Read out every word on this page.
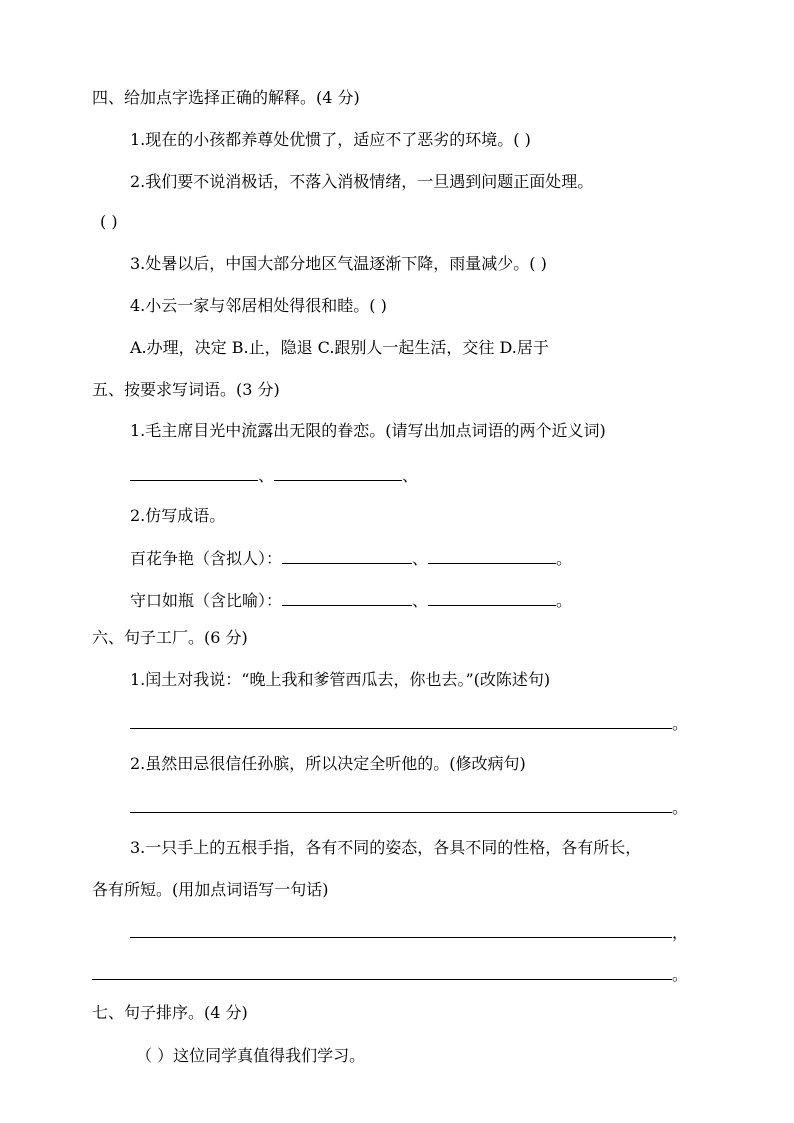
四、给加点字选择正确的解释。(4 分)
1.现在的小孩都养尊处优惯了，适应不了恶劣的环境。( )
2.我们要不说消极话，不落入消极情绪，一旦遇到问题正面处理。
( )
3.处暑以后，中国大部分地区气温逐渐下降，雨量减少。( )
4.小云一家与邻居相处得很和睦。( )
A.办理，决定 B.止，隐退 C.跟别人一起生活，交往 D.居于
五、按要求写词语。(3 分)
1.毛主席目光中流露出无限的眷恋。(请写出加点词语的两个近义词)
、	、
2.仿写成语。
百花争艳（含拟人）：	、	。
守口如瓶（含比喻）：	、	。
六、句子工厂。(6 分)
1.闰土对我说：“晚上我和爹管西瓜去，你也去。”(改陈述句)
。
2.虽然田忌很信任孙膑，所以决定全听他的。(修改病句)
。
3.一只手上的五根手指，各有不同的姿态，各具不同的性格，各有所长，
各有所短。(用加点词语写一句话)
，
。
七、句子排序。(4 分)
（ ）这位同学真值得我们学习。
